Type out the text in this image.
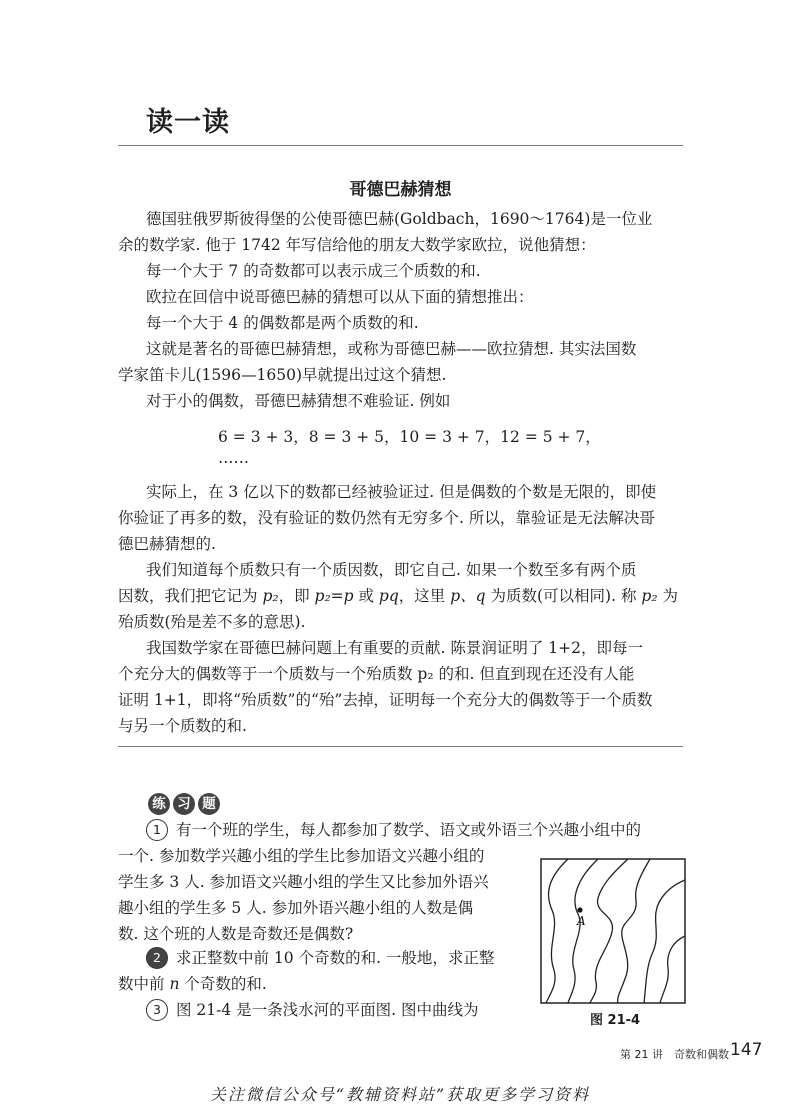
读一读
哥德巴赫猜想
德国驻俄罗斯彼得堡的公使哥德巴赫(Goldbach，1690～1764)是一位业
余的数学家. 他于 1742 年写信给他的朋友大数学家欧拉，说他猜想：
每一个大于 7 的奇数都可以表示成三个质数的和.
欧拉在回信中说哥德巴赫的猜想可以从下面的猜想推出：
每一个大于 4 的偶数都是两个质数的和.
这就是著名的哥德巴赫猜想，或称为哥德巴赫——欧拉猜想. 其实法国数
学家笛卡儿(1596—1650)早就提出过这个猜想.
对于小的偶数，哥德巴赫猜想不难验证. 例如
6 = 3 + 3，8 = 3 + 5，10 = 3 + 7，12 = 5 + 7，
……
实际上，在 3 亿以下的数都已经被验证过. 但是偶数的个数是无限的，即使
你验证了再多的数，没有验证的数仍然有无穷多个. 所以，靠验证是无法解决哥
德巴赫猜想的.
我们知道每个质数只有一个质因数，即它自己. 如果一个数至多有两个质
因数，我们把它记为 p₂，即 p₂=p 或 pq，这里 p、q 为质数(可以相同). 称 p₂ 为
殆质数(殆是差不多的意思).
我国数学家在哥德巴赫问题上有重要的贡献. 陈景润证明了 1+2，即每一
个充分大的偶数等于一个质数与一个殆质数 p₂ 的和. 但直到现在还没有人能
证明 1+1，即将“殆质数”的“殆”去掉，证明每一个充分大的偶数等于一个质数
与另一个质数的和.
练 习 题
1 有一个班的学生，每人都参加了数学、语文或外语三个兴趣小组中的
一个. 参加数学兴趣小组的学生比参加语文兴趣小组的
学生多 3 人. 参加语文兴趣小组的学生又比参加外语兴
趣小组的学生多 5 人. 参加外语兴趣小组的人数是偶
数. 这个班的人数是奇数还是偶数?
2 求正整数中前 10 个奇数的和. 一般地，求正整
数中前 n 个奇数的和.
3 图 21-4 是一条浅水河的平面图. 图中曲线为
A
图 21-4
第 21 讲　奇数和偶数 147
关注微信公众号“教辅资料站”获取更多学习资料
